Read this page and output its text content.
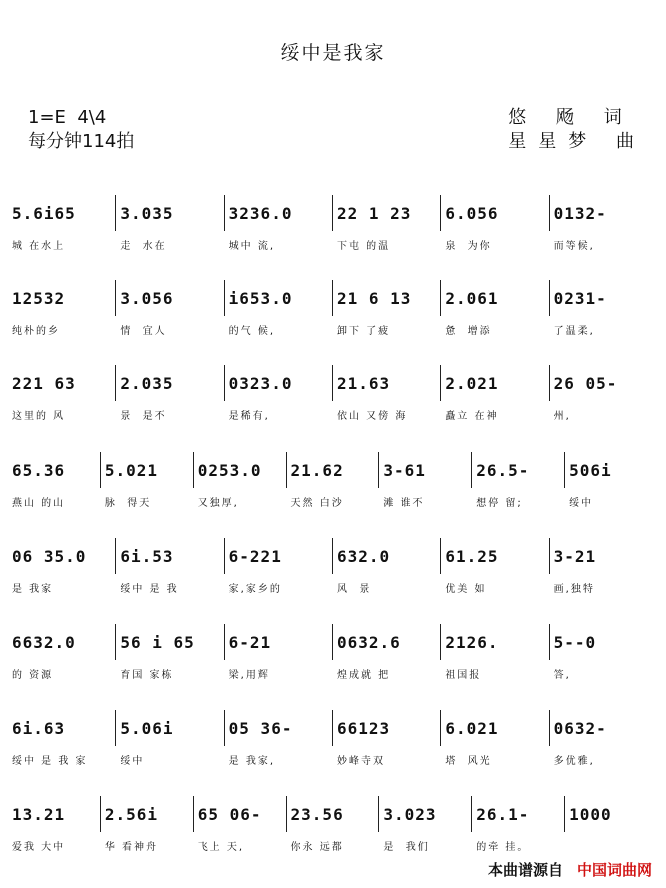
绥中是我家
1=E  4\4
每分钟114拍
悠 飏 词
星星梦 曲
5.6i65	3.035	3236.0	22 1 23	6.056	0132-
城 在水上	走  水在	城中 流,	下屯 的温	泉  为你	而等候,
12532	3.056	i653.0	21 6 13	2.061	0231-
纯朴的乡	情  宜人	的气 候,	卸下 了疲	惫  增添	了温柔,
221 63	2.035	0323.0	21.63	2.021	26 05-
这里的 风	景  是不	是稀有,	依山 又傍 海	矗立 在神	州,
65.36	5.021	0253.0	21.62	3-61	26.5-	506i
燕山 的山	脉  得天	又独厚,	天然 白沙	滩 谁不	想停 留;	绥中
06 35.0	6i.53	6-221	632.0	61.25	3-21
是 我家	绥中 是 我	家,家乡的	风  景	优美 如	画,独特
6632.0	56 i 65	6-21	0632.6	2126.	5--0
的 资源	育国 家栋	梁,用辉	煌成就 把	祖国报	答,
6i.63	5.06i	05 36-	66123	6.021	0632-
绥中 是 我 家	绥中	是 我家,	妙峰寺双	塔  风光	多优雅,
13.21	2.56i	65 06-	23.56	3.023	26.1-	1000
爱我 大中	华 看神舟	飞上 天,	你永 远都	是  我们	的牵 挂。
本曲谱源自 中国词曲网
